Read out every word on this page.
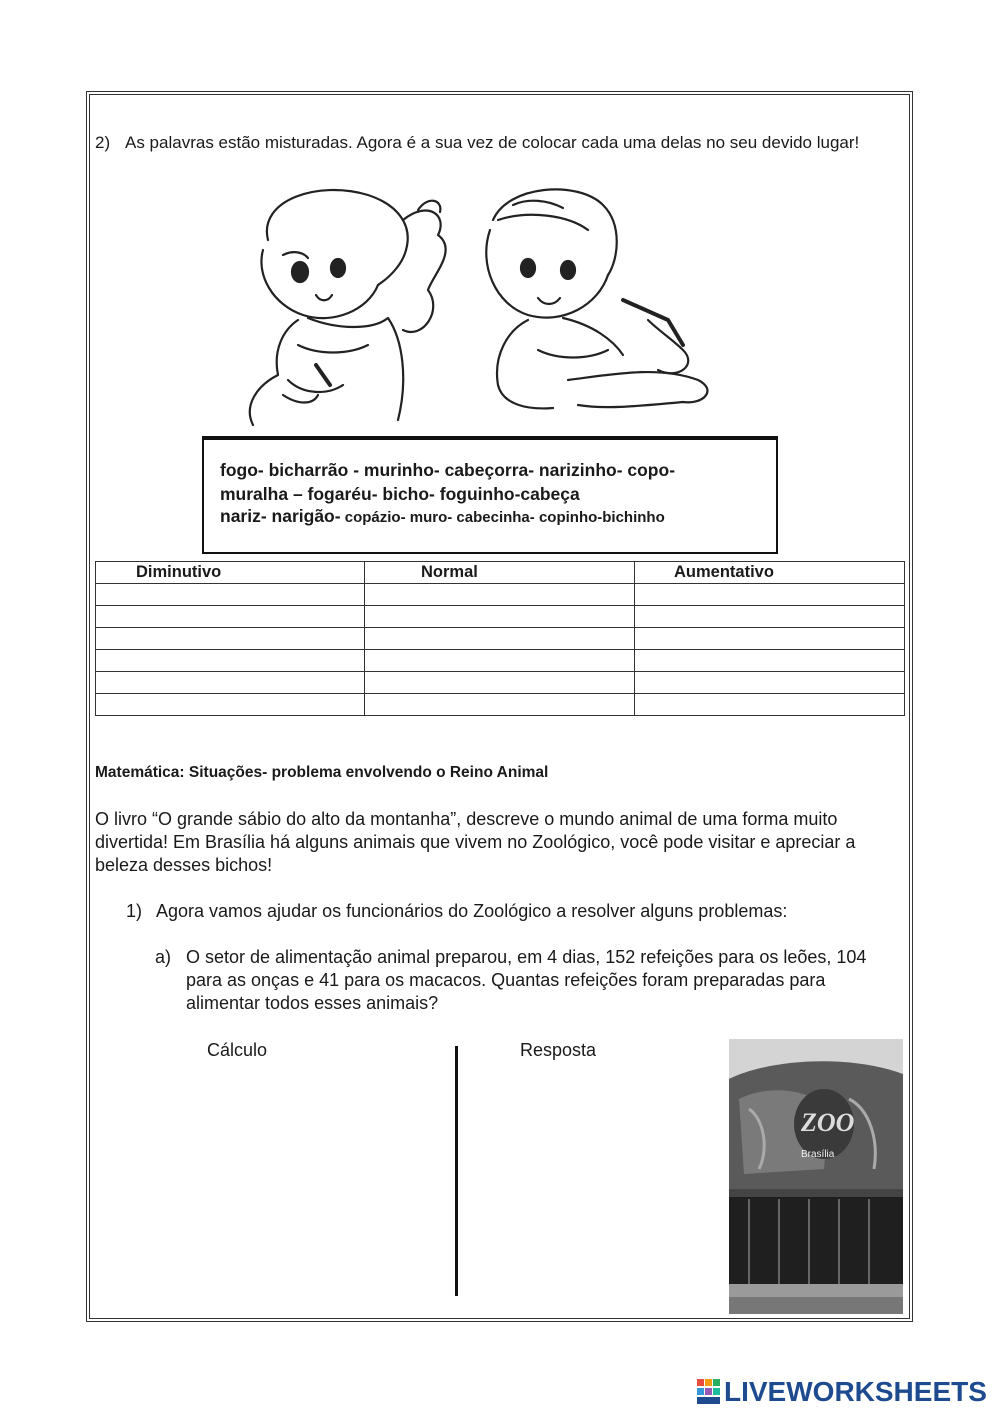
2) As palavras estão misturadas. Agora é a sua vez de colocar cada uma delas no seu devido lugar!
fogo- bicharrão - murinho- cabeçorra- narizinho- copo-
muralha – fogaréu- bicho- foguinho-cabeça
nariz- narigão- copázio- muro- cabecinha- copinho-bichinho
Diminutivo	Normal	Aumentativo

Matemática: Situações- problema envolvendo o Reino Animal
O livro “O grande sábio do alto da montanha”, descreve o mundo animal de uma forma muito divertida! Em Brasília há alguns animais que vivem no Zoológico, você pode visitar e apreciar a beleza desses bichos!
1) Agora vamos ajudar os funcionários do Zoológico a resolver alguns problemas:
a) O setor de alimentação animal preparou, em 4 dias, 152 refeições para os leões, 104 para as onças e 41 para os macacos. Quantas refeições foram preparadas para alimentar todos esses animais?
Cálculo	Resposta
ZOO
Brasília
LIVEWORKSHEETS
